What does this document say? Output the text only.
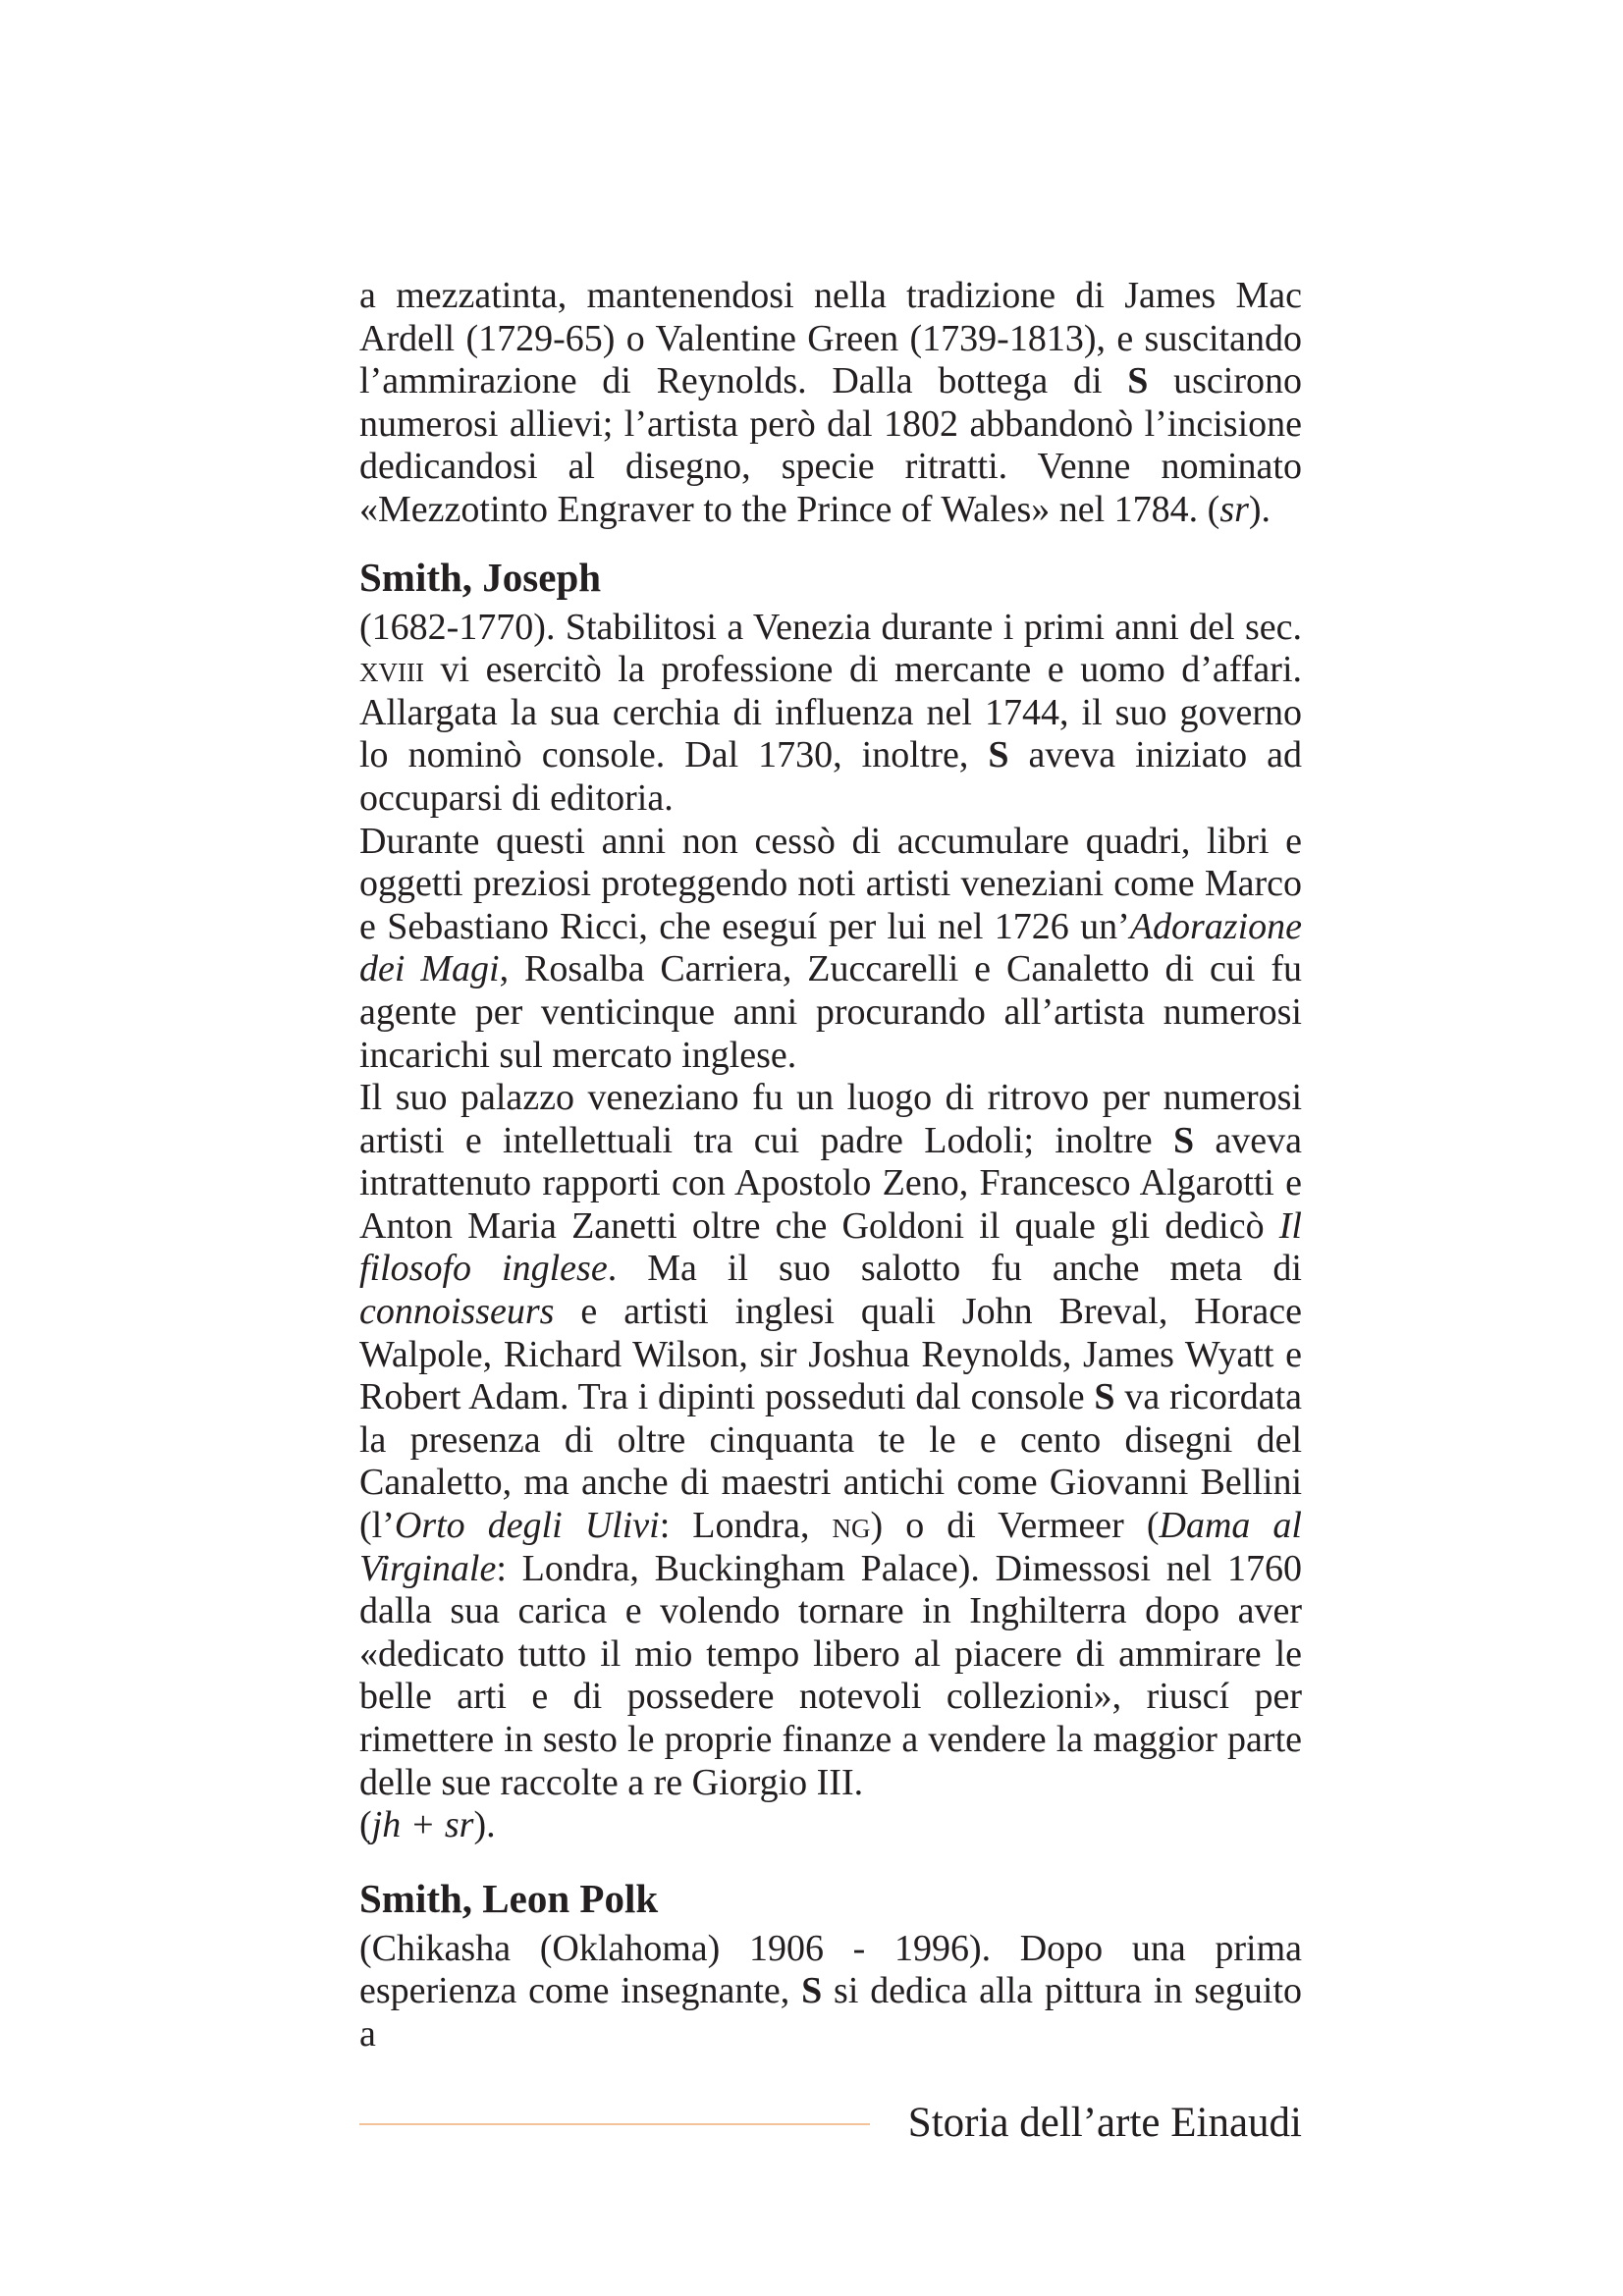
a mezzatinta, mantenendosi nella tradizione di James Mac Ardell (1729-65) o Valentine Green (1739-1813), e suscitando l’ammirazione di Reynolds. Dalla bottega di S uscirono numerosi allievi; l’artista però dal 1802 abbandonò l’incisione dedicandosi al disegno, specie ritratti. Venne nominato «Mezzotinto Engraver to the Prince of Wales» nel 1784. (sr).

Smith, Joseph

(1682-1770). Stabilitosi a Venezia durante i primi anni del sec. xviii vi esercitò la professione di mercante e uomo d’affari. Allargata la sua cerchia di influenza nel 1744, il suo governo lo nominò console. Dal 1730, inoltre, S aveva iniziato ad occuparsi di editoria.

Durante questi anni non cessò di accumulare quadri, libri e oggetti preziosi proteggendo noti artisti veneziani come Marco e Sebastiano Ricci, che eseguí per lui nel 1726 un’Adorazione dei Magi, Rosalba Carriera, Zuccarelli e Canaletto di cui fu agente per venticinque anni procurando all’artista numerosi incarichi sul mercato inglese.

Il suo palazzo veneziano fu un luogo di ritrovo per numerosi artisti e intellettuali tra cui padre Lodoli; inoltre S aveva intrattenuto rapporti con Apostolo Zeno, Francesco Algarotti e Anton Maria Zanetti oltre che Goldoni il quale gli dedicò Il filosofo inglese. Ma il suo salotto fu anche meta di connoisseurs e artisti inglesi quali John Breval, Horace Walpole, Richard Wilson, sir Joshua Reynolds, James Wyatt e Robert Adam. Tra i dipinti posseduti dal console S va ricordata la presenza di oltre cinquanta te le e cento disegni del Canaletto, ma anche di maestri antichi come Giovanni Bellini (l’Orto degli Ulivi: Londra, ng) o di Vermeer (Dama al Virginale: Londra, Buckingham Palace). Dimessosi nel 1760 dalla sua carica e volendo tornare in Inghilterra dopo aver «dedicato tutto il mio tempo libero al piacere di ammirare le belle arti e di possedere notevoli collezioni», riuscí per rimettere in sesto le proprie finanze a vendere la maggior parte delle sue raccolte a re Giorgio III.

(jh + sr).

Smith, Leon Polk

(Chikasha (Oklahoma) 1906 - 1996). Dopo una prima esperienza come insegnante, S si dedica alla pittura in seguito a

Storia dell’arte Einaudi
